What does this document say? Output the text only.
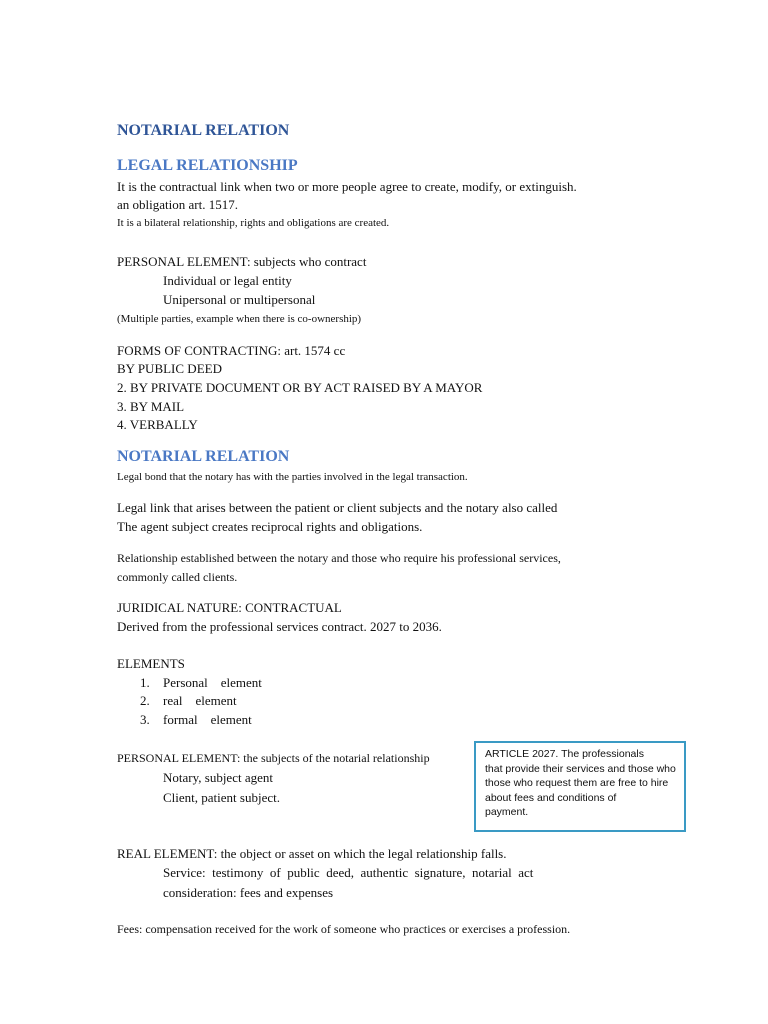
NOTARIAL RELATION
LEGAL RELATIONSHIP
It is the contractual link when two or more people agree to create, modify, or extinguish.
an obligation art. 1517.
It is a bilateral relationship, rights and obligations are created.
PERSONAL ELEMENT: subjects who contract
Individual or legal entity
Unipersonal or multipersonal
(Multiple parties, example when there is co-ownership)
FORMS OF CONTRACTING: art. 1574 cc
BY PUBLIC DEED
2. BY PRIVATE DOCUMENT OR BY ACT RAISED BY A MAYOR
3. BY MAIL
4. VERBALLY
NOTARIAL RELATION
Legal bond that the notary has with the parties involved in the legal transaction.
Legal link that arises between the patient or client subjects and the notary also called
The agent subject creates reciprocal rights and obligations.
Relationship established between the notary and those who require his professional services,
commonly called clients.
JURIDICAL NATURE: CONTRACTUAL
Derived from the professional services contract. 2027 to 2036.
ELEMENTS
1. Personal    element
2. real    element
3. formal    element
PERSONAL ELEMENT: the subjects of the notarial relationship
Notary, subject agent
Client, patient subject.
ARTICLE 2027. The professionals
that provide their services and those who
those who request them are free to hire
about fees and conditions of
payment.
REAL ELEMENT: the object or asset on which the legal relationship falls.
Service:  testimony  of  public  deed,  authentic  signature,  notarial  act
consideration: fees and expenses
Fees: compensation received for the work of someone who practices or exercises a profession.
